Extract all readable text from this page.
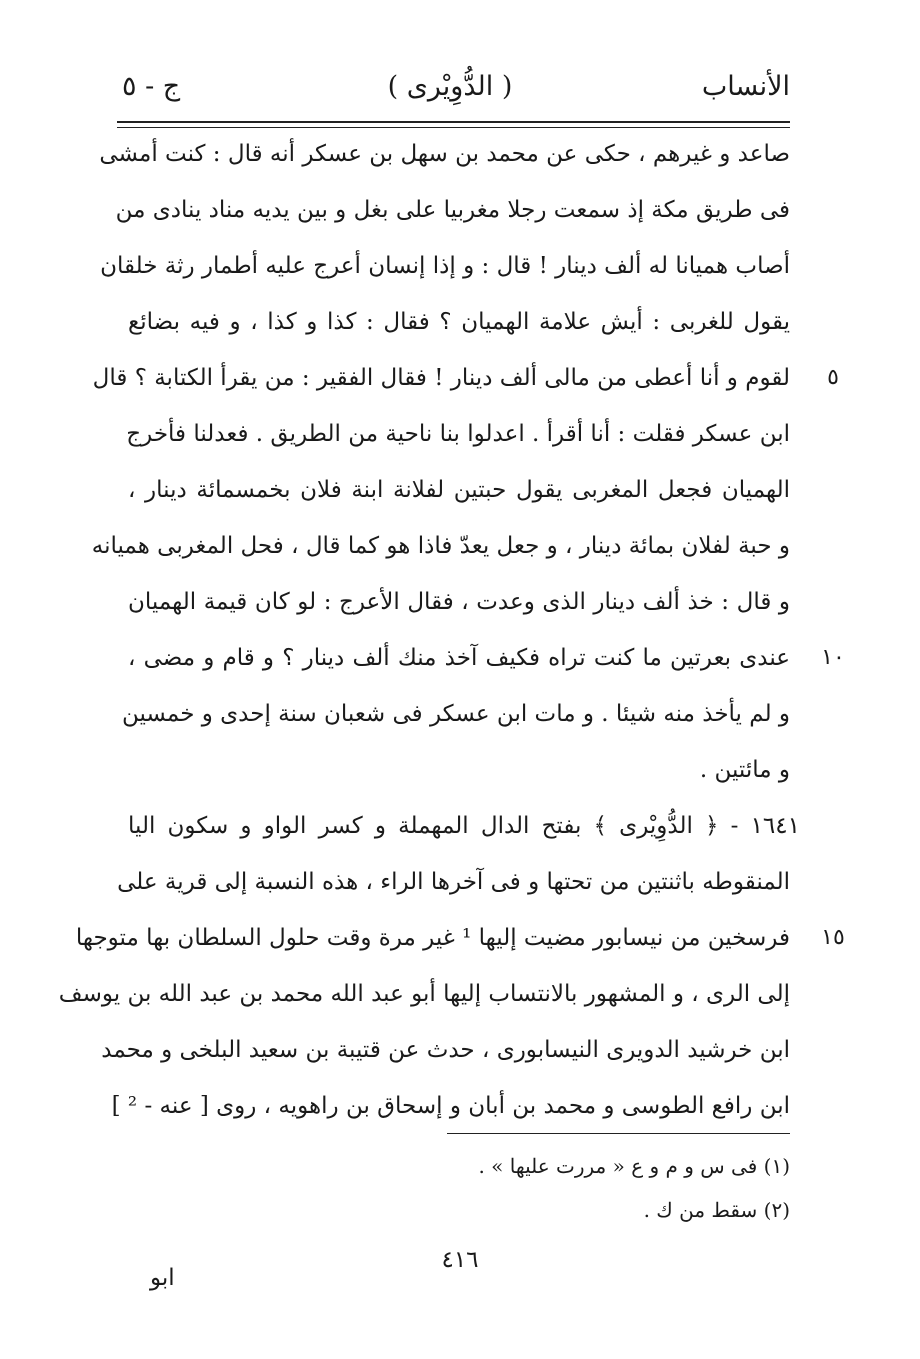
الأنساب
( الدُّوِيْرى )
ج - ٥
صاعد و غيرهم ، حكى عن محمد بن سهل بن عسكر أنه قال : كنت أمشى
فى طريق مكة إذ سمعت رجلا مغربيا على بغل و بين يديه مناد ينادى من
أصاب هميانا له ألف دينار ! قال : و إذا إنسان أعرج عليه أطمار رثة خلقان
يقول للغربى : أيش علامة الهميان ؟ فقال : كذا و كذا ، و فيه بضائع
لقوم و أنا أعطى من مالى ألف دينار ! فقال الفقير : من يقرأ الكتابة ؟ قال
ابن عسكر فقلت : أنا أقرأ . اعدلوا بنا ناحية من الطريق . فعدلنا فأخرج
الهميان فجعل المغربى يقول حبتين لفلانة ابنة فلان بخمسمائة دينار ،
و حبة لفلان بمائة دينار ، و جعل يعدّ فاذا هو كما قال ، فحل المغربى هميانه
و قال : خذ ألف دينار الذى وعدت ، فقال الأعرج : لو كان قيمة الهميان
عندى بعرتين ما كنت تراه فكيف آخذ منك ألف دينار ؟ و قام و مضى ،
و لم يأخذ منه شيئا . و مات ابن عسكر فى شعبان سنة إحدى و خمسين
و مائتين .
١٦٤١ - ﴿ الدُّوِيْرى ﴾ بفتح الدال المهملة و كسر الواو و سكون اليا
المنقوطه باثنتين من تحتها و فى آخرها الراء ، هذه النسبة إلى قرية على
فرسخين من نيسابور مضيت إليها ¹ غير مرة وقت حلول السلطان بها متوجها
إلى الرى ، و المشهور بالانتساب إليها أبو عبد الله محمد بن عبد الله بن يوسف
ابن خرشيد الدويرى النيسابورى ، حدث عن قتيبة بن سعيد البلخى و محمد
ابن رافع الطوسى و محمد بن أبان و إسحاق بن راهويه ، روى [ عنه - ² ]
٥
١٠
١٥
(١) فى س و م و ع « مررت عليها » .
(٢) سقط من ك .
٤١٦
ابو
